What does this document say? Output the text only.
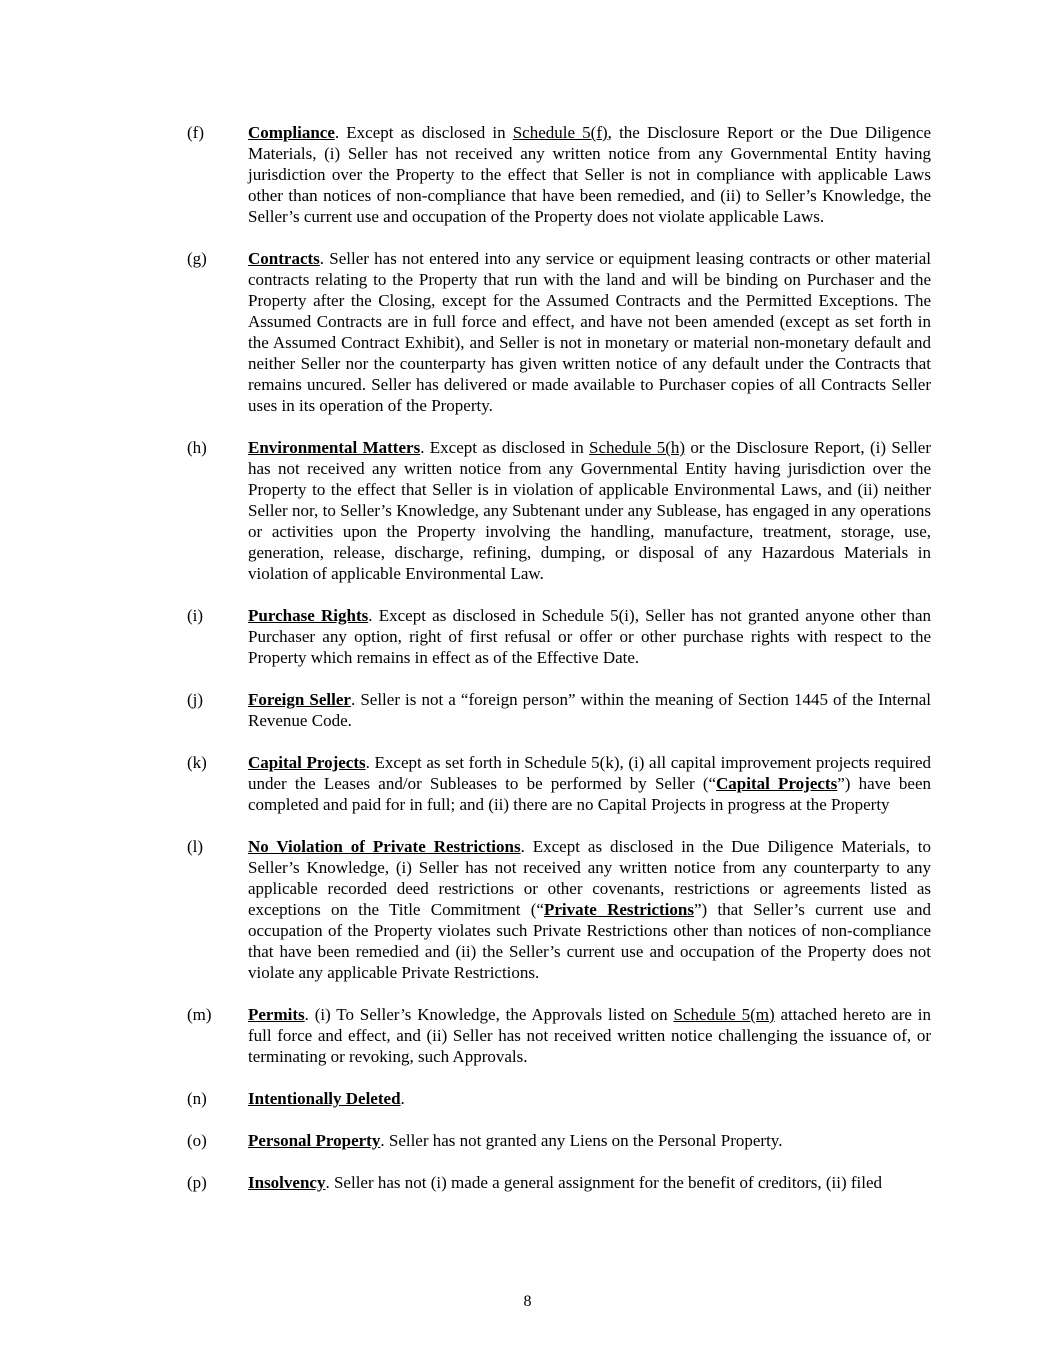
(f)	Compliance. Except as disclosed in Schedule 5(f), the Disclosure Report or the Due Diligence Materials, (i) Seller has not received any written notice from any Governmental Entity having jurisdiction over the Property to the effect that Seller is not in compliance with applicable Laws other than notices of non-compliance that have been remedied, and (ii) to Seller’s Knowledge, the Seller’s current use and occupation of the Property does not violate applicable Laws.
(g)	Contracts. Seller has not entered into any service or equipment leasing contracts or other material contracts relating to the Property that run with the land and will be binding on Purchaser and the Property after the Closing, except for the Assumed Contracts and the Permitted Exceptions. The Assumed Contracts are in full force and effect, and have not been amended (except as set forth in the Assumed Contract Exhibit), and Seller is not in monetary or material non-monetary default and neither Seller nor the counterparty has given written notice of any default under the Contracts that remains uncured. Seller has delivered or made available to Purchaser copies of all Contracts Seller uses in its operation of the Property.
(h)	Environmental Matters. Except as disclosed in Schedule 5(h) or the Disclosure Report, (i) Seller has not received any written notice from any Governmental Entity having jurisdiction over the Property to the effect that Seller is in violation of applicable Environmental Laws, and (ii) neither Seller nor, to Seller’s Knowledge, any Subtenant under any Sublease, has engaged in any operations or activities upon the Property involving the handling, manufacture, treatment, storage, use, generation, release, discharge, refining, dumping, or disposal of any Hazardous Materials in violation of applicable Environmental Law.
(i)	Purchase Rights. Except as disclosed in Schedule 5(i), Seller has not granted anyone other than Purchaser any option, right of first refusal or offer or other purchase rights with respect to the Property which remains in effect as of the Effective Date.
(j)	Foreign Seller. Seller is not a “foreign person” within the meaning of Section 1445 of the Internal Revenue Code.
(k)	Capital Projects. Except as set forth in Schedule 5(k), (i) all capital improvement projects required under the Leases and/or Subleases to be performed by Seller (“Capital Projects”) have been completed and paid for in full; and (ii) there are no Capital Projects in progress at the Property
(l)	No Violation of Private Restrictions. Except as disclosed in the Due Diligence Materials, to Seller’s Knowledge, (i) Seller has not received any written notice from any counterparty to any applicable recorded deed restrictions or other covenants, restrictions or agreements listed as exceptions on the Title Commitment (“Private Restrictions”) that Seller’s current use and occupation of the Property violates such Private Restrictions other than notices of non-compliance that have been remedied and (ii) the Seller’s current use and occupation of the Property does not violate any applicable Private Restrictions.
(m)	Permits. (i) To Seller’s Knowledge, the Approvals listed on Schedule 5(m) attached hereto are in full force and effect, and (ii) Seller has not received written notice challenging the issuance of, or terminating or revoking, such Approvals.
(n)	Intentionally Deleted.
(o)	Personal Property. Seller has not granted any Liens on the Personal Property.
(p)	Insolvency. Seller has not (i) made a general assignment for the benefit of creditors, (ii) filed
8
